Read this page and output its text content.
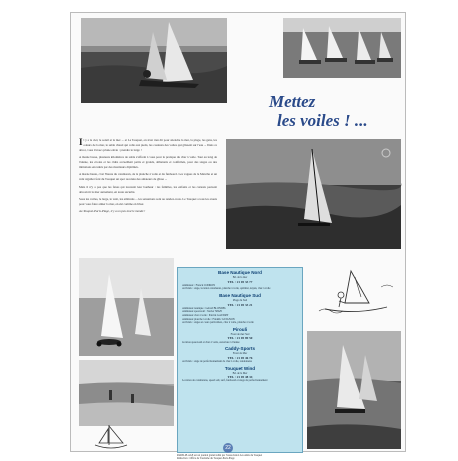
Mettez
les voiles ! ...

Il y a le ciel, le soleil et la mer ... et Le Touquet, on n'est rien dit pour attendre la mer, la plage, les gens, les odeurs de la mer, le sable chaud qui colle aux pieds, les couleurs des voiles qui glissent sur l'eau ... Dans ce décor, vous n'avez qu'une envie : prendre le large !

A marée basse, plusieurs kilomètres de sable s'offrent à vous pour la pratique du char à voile. Tout au long de l'année, les écoles et les clubs accueillent petits et grands, débutants et confirmés, pour des stages ou des initiations encadrés par des moniteurs diplômés.

A marée haute, c'est l'heure du catamaran, de la planche à voile et du funboard. Les vagues de la Manche et un vent régulier font du Touquet un spot reconnu des amateurs de glisse ...

Mais il n'y a pas que les fanas qui trouvent leur bonheur : les familles, les enfants et les curieux peuvent découvrir la mer autrement, en toute sécurité.

Sous les voiles, le large, le vent, les embruns ... les sensations sont au rendez-vous. Le Touquet a tous les atouts pour vous faire aimer la mer, en été comme en hiver.

Au Touquet-Paris-Plage, il y a un peu tout le monde !

Base Nautique Nord
Bd. de la mer
TEL : 21 05 33 77
Animateur : Franck CODRON
Activités : stage, location catamaran, planche à voile, optimist, kayak, char à voile
Base Nautique Sud
Plage du Sud
TEL : 21 05 33 21
Animateur nautique : Gérard BLONDEL
Animateur speed-sail : Xavier SPAH
Animateur char à voile : Patrick GAUDRY
Animateur planche à voile : Frédéric GUIGNON
Activités : stages et cours particuliers, char à voile, planche à voile
Pirouli
Front de mer Sud
TEL : 21 05 89 50
location speed-sail et char à voile, ouverture à l'année
Caddy-Sports
Front de Mer
TEL : 21 05 46 76
Activités : stage de perfectionnement de char à voile, randonnées
Touquet Wind
Bd. de la Mer
TEL : 21 05 48 34
Location de catamarans, speed sail, surf, funboard et stage de perfectionnement
PARIS-PLAGE est un journal gratuit édité par l'Association Les Amis du Touquet
Rédaction : Office de Tourisme du Touquet-Paris-Plage
22
